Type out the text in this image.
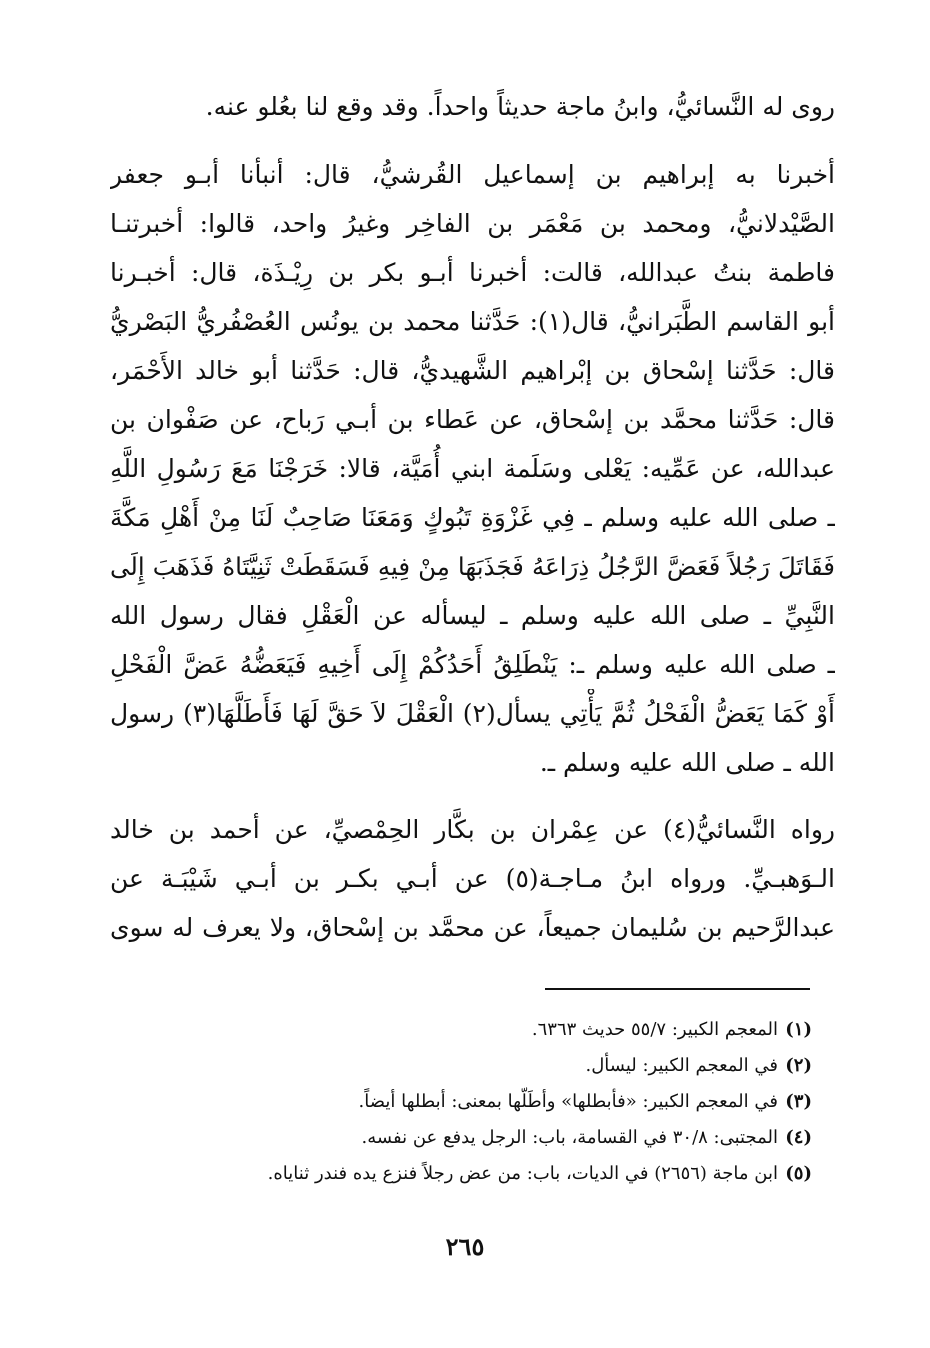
روى له النَّسائيُّ، وابنُ ماجة حديثاً واحداً. وقد وقع لنا بعُلو عنه.
أخبرنا به إبراهيم بن إسماعيل القُرشيُّ، قال: أنبأنا أبـو جعفر
الصَّيْدلانيُّ، ومحمد بن مَعْمَر بن الفاخِر وغيرُ واحد، قالوا: أخبرتنـا
فاطمة بنتُ عبدالله، قالت: أخبرنا أبـو بكر بن رِيْـذَة، قال: أخبـرنا
أبو القاسم الطَّبَرانيُّ، قال(١): حَدَّثنا محمد بن يونُس العُصْفُريُّ البَصْريُّ
قال: حَدَّثنا إسْحاق بن إبْراهيم الشَّهيديُّ، قال: حَدَّثنا أبو خالد الأَحْمَر،
قال: حَدَّثنا محمَّد بن إسْحاق، عن عَطاء بن أبـي رَباح، عن صَفْوان بن
عبدالله، عن عَمِّيه: يَعْلى وسَلَمة ابني أُمَيَّة، قالا: خَرَجْنَا مَعَ رَسُولِ اللَّهِ
ـ صلى الله عليه وسلم ـ فِي غَزْوَةِ تَبُوكٍ وَمَعَنَا صَاحِبٌ لَنَا مِنْ أَهْلِ مَكَّةَ
فَقَاتَلَ رَجُلاً فَعَضَّ الرَّجُلُ ذِرَاعَهُ فَجَذَبَهَا مِنْ فِيهِ فَسَقَطَتْ ثَنِيَّتَاهُ فَذَهَبَ إِلَى
النَّبِيِّ ـ صلى الله عليه وسلم ـ ليسأله عن الْعَقْلِ فقال رسول الله
ـ صلى الله عليه وسلم ـ: يَنْطَلِقُ أَحَدُكُمْ إِلَى أَخِيهِ فَيَعَضُّهُ عَضَّ الْفَحْلِ
أَوْ كَمَا يَعَضُّ الْفَحْلُ ثُمَّ يَأْتِي يسأل(٢) الْعَقْلَ لاَ حَقَّ لَهَا فَأَطَلَّهَا(٣) رسول
الله ـ صلى الله عليه وسلم ـ.
رواه النَّسائيُّ(٤) عن عِمْران بن بكَّار الحِمْصيِّ، عن أحمد بن خالد
الـوَهبـيِّ. ورواه ابنُ مـاجـة(٥) عن أبـي بكـر بن أبـي شَيْبَـة عن
عبدالرَّحيم بن سُليمان جميعاً، عن محمَّد بن إسْحاق، ولا يعرف له سوى
(١)
المعجم الكبير: ٥٥/٧ حديث ٦٣٦٣.
(٢)
في المعجم الكبير: ليسأل.
(٣)
في المعجم الكبير: «فأبطلها» وأطَلّها بمعنى: أبطلها أيضاً.
(٤)
المجتبى: ٣٠/٨ في القسامة، باب: الرجل يدفع عن نفسه.
(٥)
ابن ماجة (٢٦٥٦) في الديات، باب: من عض رجلاً فنزع يده فندر ثناياه.
٢٦٥
